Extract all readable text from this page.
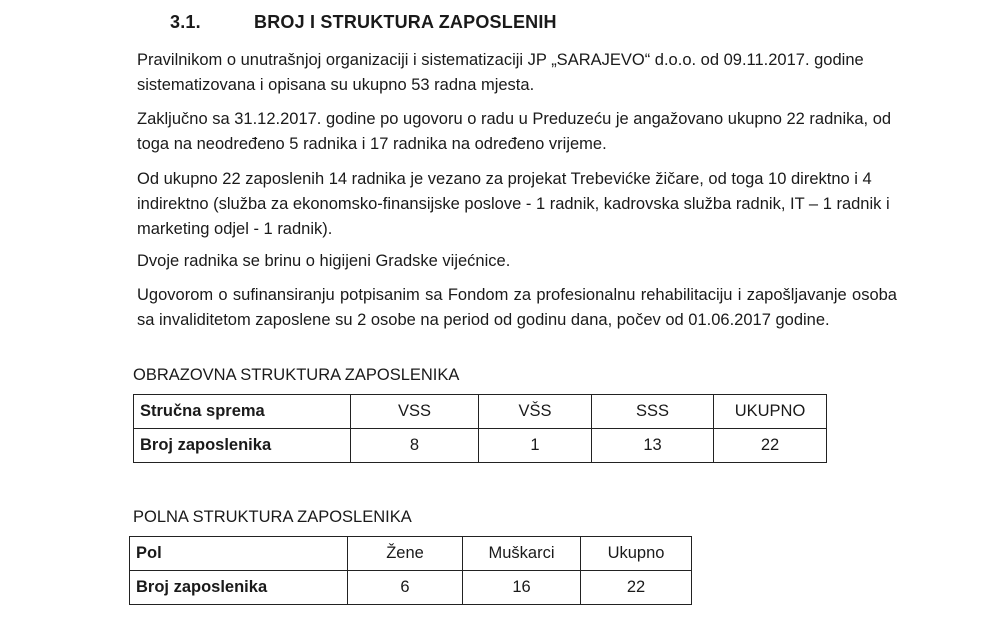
3.1.	BROJ I STRUKTURA ZAPOSLENIH

Pravilnikom o unutrašnjoj organizaciji i sistematizaciji JP „SARAJEVO“ d.o.o. od 09.11.2017. godine sistematizovana i opisana su ukupno 53 radna mjesta.

Zaključno sa 31.12.2017. godine po ugovoru o radu u Preduzeću je angažovano ukupno 22 radnika, od toga na neodređeno 5 radnika i 17 radnika na određeno vrijeme.

Od ukupno 22 zaposlenih 14 radnika je vezano za projekat Trebevićke žičare, od toga 10 direktno i 4 indirektno (služba za ekonomsko-finansijske poslove - 1 radnik, kadrovska služba radnik, IT – 1 radnik i marketing odjel - 1 radnik).

Dvoje radnika se brinu o higijeni Gradske vijećnice.

Ugovorom o sufinansiranju potpisanim sa Fondom za profesionalnu rehabilitaciju i zapošljavanje osoba sa invaliditetom zaposlene su 2 osobe na period od godinu dana, počev od 01.06.2017 godine.

OBRAZOVNA STRUKTURA ZAPOSLENIKA

Stručna sprema	VSS	VŠS	SSS	UKUPNO
Broj zaposlenika	8	1	13	22

POLNA STRUKTURA ZAPOSLENIKA

Pol	Žene	Muškarci	Ukupno
Broj zaposlenika	6	16	22
